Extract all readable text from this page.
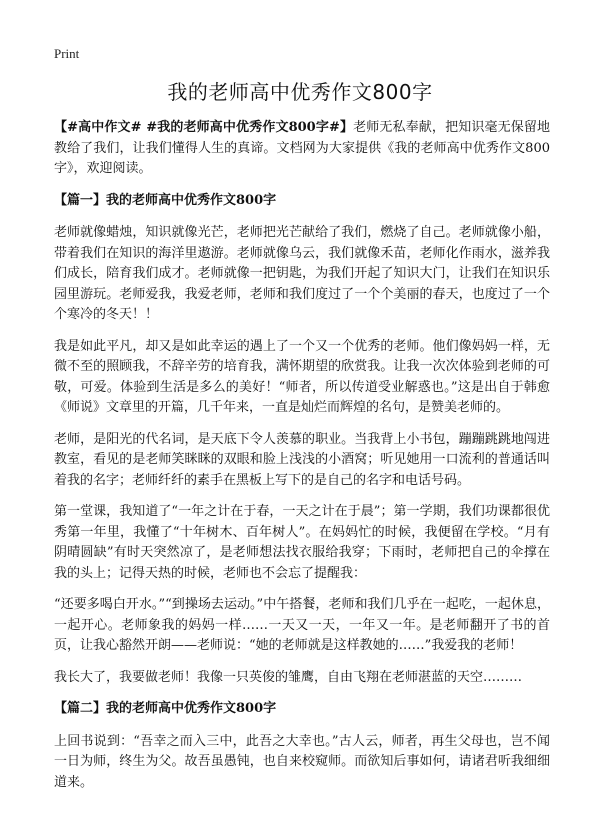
Print
我的老师高中优秀作文800字

【#高中作文# #我的老师高中优秀作文800字#】老师无私奉献，把知识毫无保留地教给了我们，让我们懂得人生的真谛。文档网为大家提供《我的老师高中优秀作文800字》，欢迎阅读。

【篇一】我的老师高中优秀作文800字

老师就像蜡烛，知识就像光芒，老师把光芒献给了我们，燃烧了自己。老师就像小船，带着我们在知识的海洋里遨游。老师就像乌云，我们就像禾苗，老师化作雨水，滋养我们成长，陪育我们成才。老师就像一把钥匙，为我们开起了知识大门，让我们在知识乐园里游玩。老师爱我，我爱老师，老师和我们度过了一个个美丽的春天，也度过了一个个寒冷的冬天！！

我是如此平凡，却又是如此幸运的遇上了一个又一个优秀的老师。他们像妈妈一样，无微不至的照顾我，不辞辛劳的培育我，满怀期望的欣赏我。让我一次次体验到老师的可敬，可爱。体验到生活是多么的美好！“师者，所以传道受业解惑也。”这是出自于韩愈《师说》文章里的开篇，几千年来，一直是灿烂而辉煌的名句，是赞美老师的。

老师，是阳光的代名词，是天底下令人羡慕的职业。当我背上小书包，蹦蹦跳跳地闯进教室，看见的是老师笑眯眯的双眼和脸上浅浅的小酒窝；听见她用一口流利的普通话叫着我的名字；老师纤纤的素手在黑板上写下的是自己的名字和电话号码。

第一堂课，我知道了“一年之计在于春，一天之计在于晨”；第一学期，我们功课都很优秀第一年里，我懂了“十年树木、百年树人”。在妈妈忙的时候，我便留在学校。“月有阴晴圆缺”有时天突然凉了，是老师想法找衣服给我穿；下雨时，老师把自己的伞撑在我的头上；记得天热的时候，老师也不会忘了提醒我：

“还要多喝白开水。”“到操场去运动。”中午搭餐，老师和我们几乎在一起吃，一起休息，一起开心。老师象我的妈妈一样……一天又一天，一年又一年。是老师翻开了书的首页，让我心豁然开朗——老师说：“她的老师就是这样教她的……”我爱我的老师！

我长大了，我要做老师！我像一只英俊的雏鹰，自由飞翔在老师湛蓝的天空………

【篇二】我的老师高中优秀作文800字

上回书说到：“吾幸之而入三中，此吾之大幸也。”古人云，师者，再生父母也，岂不闻一日为师，终生为父。故吾虽愚钝，也自来校窥师。而欲知后事如何，请诸君听我细细道来。
